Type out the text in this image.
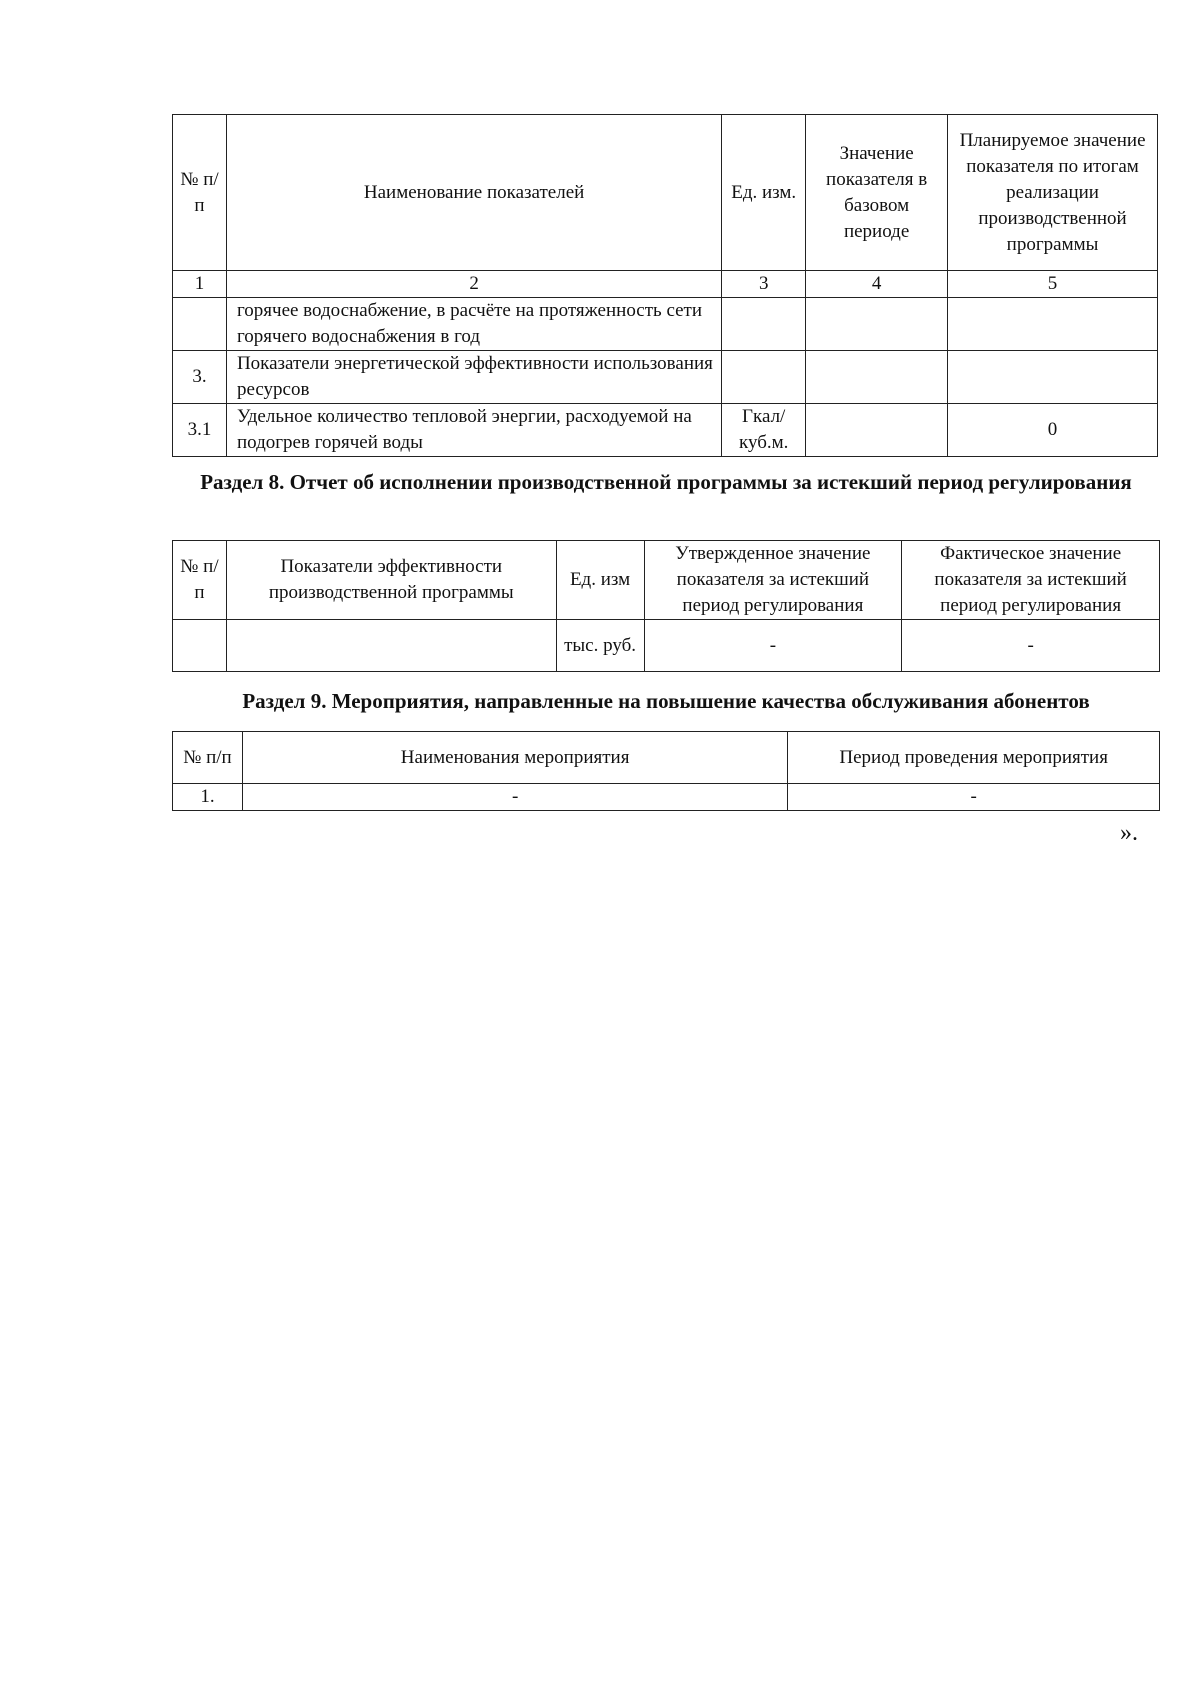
№ п/п	Наименование показателей	Ед. изм.	Значение показателя в базовом периоде	Планируемое значение показателя по итогам реализации производственной программы
1	2	3	4	5
	горячее водоснабжение, в расчёте на протяженность сети горячего водоснабжения в год			
3.	Показатели энергетической эффективности использования ресурсов			
3.1	Удельное количество тепловой энергии, расходуемой на подогрев горячей воды	Гкал/ куб.м.		0
Раздел 8. Отчет об исполнении производственной программы за истекший период регулирования
№ п/п	Показатели эффективности производственной программы	Ед. изм	Утвержденное значение показателя за истекший период регулирования	Фактическое значение показателя за истекший период регулирования
		тыс. руб.	-	-
Раздел 9. Мероприятия, направленные на повышение качества обслуживания абонентов
№ п/п	Наименования мероприятия	Период проведения мероприятия
1.	-	-
».
